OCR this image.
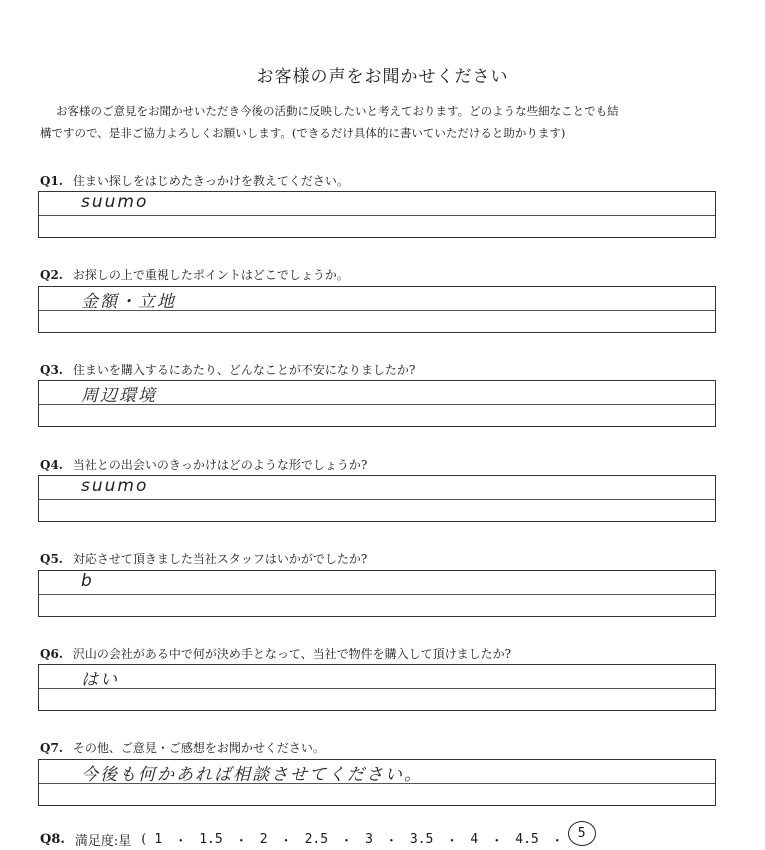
お客様の声をお聞かせください
お客様のご意見をお聞かせいただき今後の活動に反映したいと考えております。どのような些細なことでも結
構ですので、是非ご協力よろしくお願いします。(できるだけ具体的に書いていただけると助かります)
Q1. 住まい探しをはじめたきっかけを教えてください。
suumo
Q2. お探しの上で重視したポイントはどこでしょうか。
金額・立地
Q3. 住まいを購入するにあたり、どんなことが不安になりましたか?
周辺環境
Q4. 当社との出会いのきっかけはどのような形でしょうか?
suumo
Q5. 対応させて頂きました当社スタッフはいかがでしたか?
b
Q6. 沢山の会社がある中で何が決め手となって、当社で物件を購入して頂けましたか?
はい
Q7. その他、ご意見・ご感想をお聞かせください。
今後も何かあれば相談させてください。
Q8. 満足度:星 ( 1 ・ 1.5 ・ 2 ・ 2.5 ・ 3 ・ 3.5 ・ 4 ・ 4.5 ・
5
